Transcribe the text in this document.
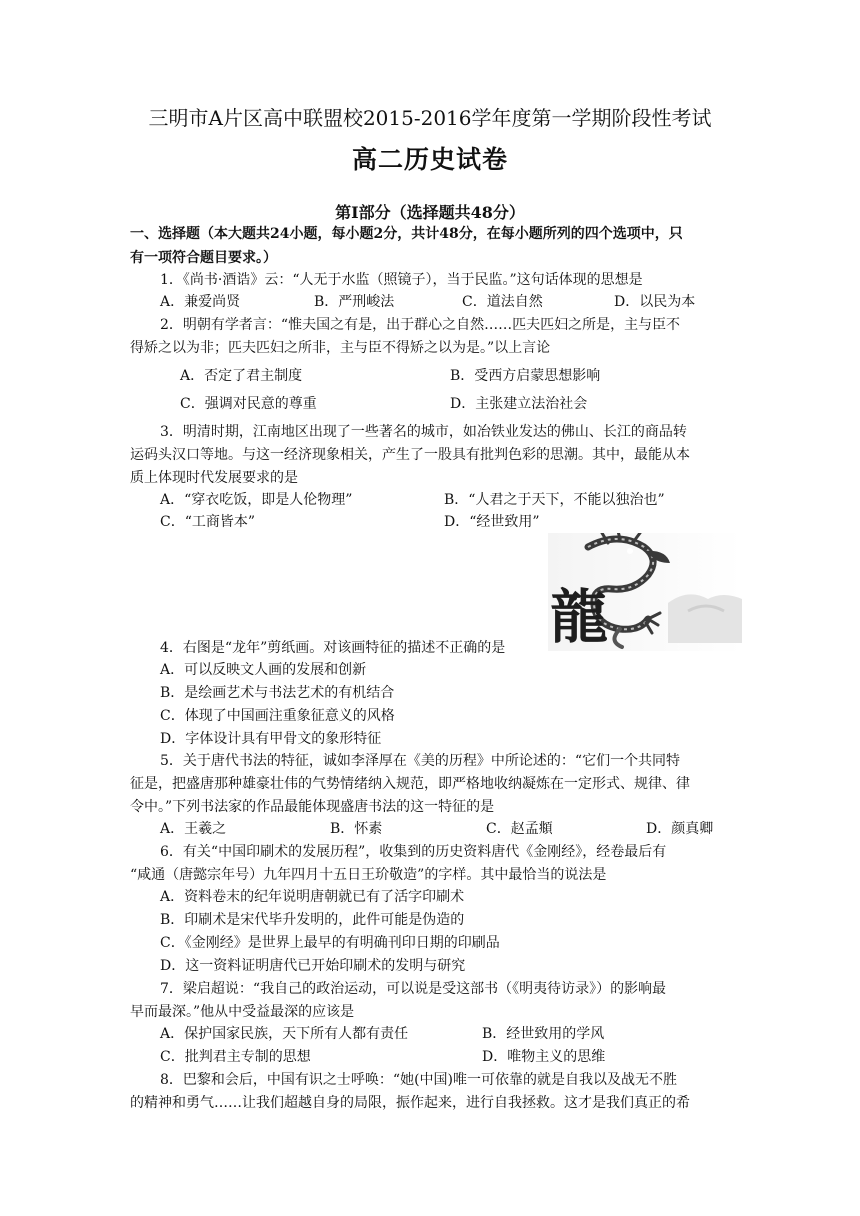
三明市A片区高中联盟校2015-2016学年度第一学期阶段性考试
高二历史试卷
第Ⅰ部分（选择题共48分）
一、选择题（本大题共24小题，每小题2分，共计48分，在每小题所列的四个选项中，只
有一项符合题目要求。）
1．《尚书·酒诰》云：“人无于水监（照镜子），当于民监。”这句话体现的思想是
A．兼爱尚贤	B．严刑峻法	C．道法自然	D．以民为本
2．明朝有学者言：“惟夫国之有是，出于群心之自然……匹夫匹妇之所是，主与臣不
得矫之以为非；匹夫匹妇之所非，主与臣不得矫之以为是。”以上言论
A．否定了君主制度	B．受西方启蒙思想影响
C．强调对民意的尊重	D．主张建立法治社会
3．明清时期，江南地区出现了一些著名的城市，如冶铁业发达的佛山、长江的商品转
运码头汉口等地。与这一经济现象相关，产生了一股具有批判色彩的思潮。其中，最能从本
质上体现时代发展要求的是
A．“穿衣吃饭，即是人伦物理”	B．“人君之于天下，不能以独治也”
C．“工商皆本”	D．“经世致用”
龍
4．右图是“龙年”剪纸画。对该画特征的描述不正确的是
A．可以反映文人画的发展和创新
B．是绘画艺术与书法艺术的有机结合
C．体现了中国画注重象征意义的风格
D．字体设计具有甲骨文的象形特征
5．关于唐代书法的特征，诚如李泽厚在《美的历程》中所论述的：“它们一个共同特
征是，把盛唐那种雄豪壮伟的气势情绪纳入规范，即严格地收纳凝炼在一定形式、规律、律
令中。”下列书法家的作品最能体现盛唐书法的这一特征的是
A．王羲之	B．怀素	C．赵孟頫	D．颜真卿
6．有关“中国印刷术的发展历程”，收集到的历史资料唐代《金刚经》，经卷最后有
“咸通（唐懿宗年号）九年四月十五日王玠敬造”的字样。其中最恰当的说法是
A．资料卷末的纪年说明唐朝就已有了活字印刷术
B．印刷术是宋代毕升发明的，此件可能是伪造的
C．《金刚经》是世界上最早的有明确刊印日期的印刷品
D．这一资料证明唐代已开始印刷术的发明与研究
7．梁启超说：“我自己的政治运动，可以说是受这部书（《明夷待访录》）的影响最
早而最深。”他从中受益最深的应该是
A．保护国家民族，天下所有人都有责任	B．经世致用的学风
C．批判君主专制的思想	D．唯物主义的思维
8．巴黎和会后，中国有识之士呼唤：“她(中国)唯一可依靠的就是自我以及战无不胜
的精神和勇气……让我们超越自身的局限，振作起来，进行自我拯救。这才是我们真正的希
